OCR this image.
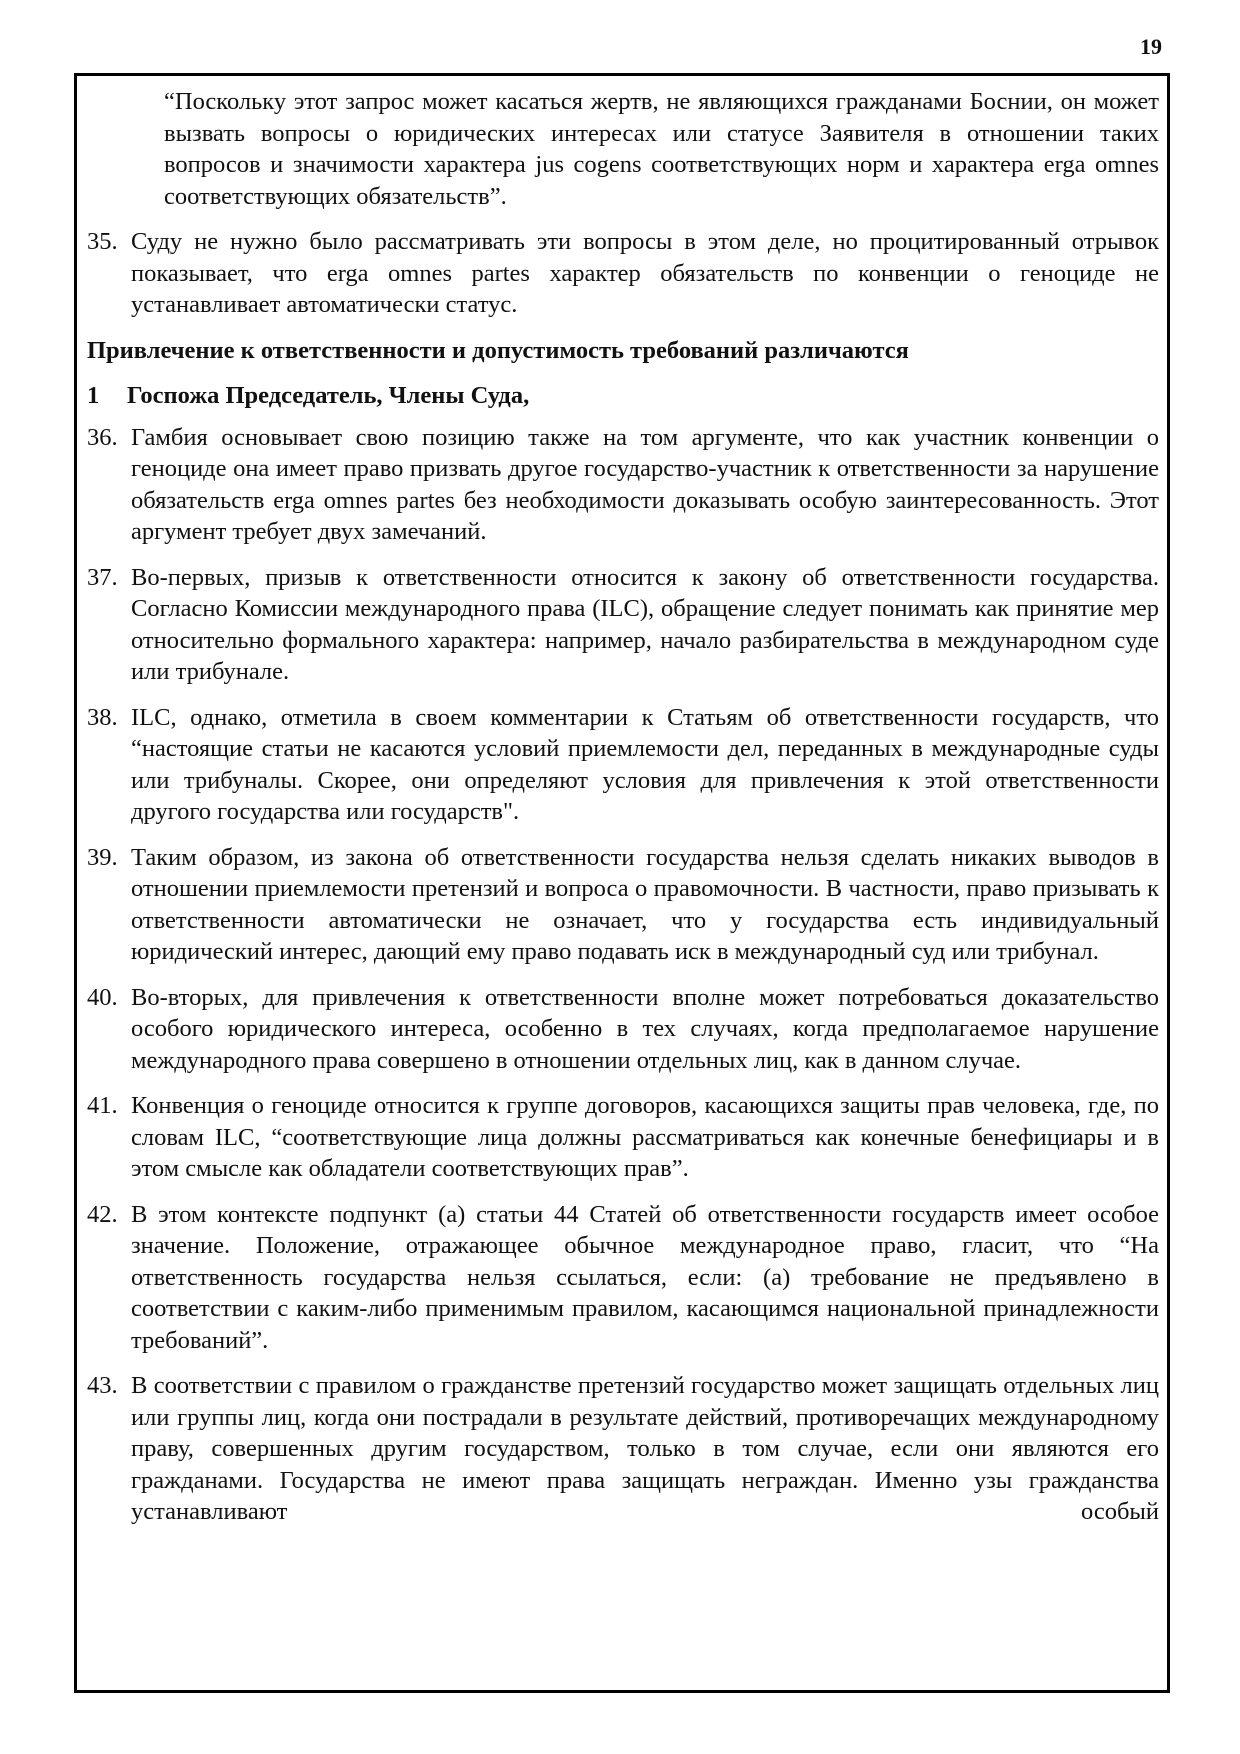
19
“Поскольку этот запрос может касаться жертв, не являющихся гражданами Боснии, он может вызвать вопросы о юридических интересах или статусе Заявителя в отношении таких вопросов и значимости характера jus cogens соответствующих норм и характера erga omnes соответствующих обязательств”.
35. Суду не нужно было рассматривать эти вопросы в этом деле, но процитированный отрывок показывает, что erga omnes partes характер обязательств по конвенции о геноциде не устанавливает автоматически статус.
Привлечение к ответственности и допустимость требований различаются
1	Госпожа Председатель, Члены Суда,
36. Гамбия основывает свою позицию также на том аргументе, что как участник конвенции о геноциде она имеет право призвать другое государство-участник к ответственности за нарушение обязательств erga omnes partes без необходимости доказывать особую заинтересованность. Этот аргумент требует двух замечаний.
37. Во-первых, призыв к ответственности относится к закону об ответственности государства. Согласно Комиссии международного права (ILC), обращение следует понимать как принятие мер относительно формального характера: например, начало разбирательства в международном суде или трибунале.
38. ILC, однако, отметила в своем комментарии к Статьям об ответственности государств, что “настоящие статьи не касаются условий приемлемости дел, переданных в международные суды или трибуналы. Скорее, они определяют условия для привлечения к этой ответственности другого государства или государств".
39. Таким образом, из закона об ответственности государства нельзя сделать никаких выводов в отношении приемлемости претензий и вопроса о правомочности. В частности, право призывать к ответственности автоматически не означает, что у государства есть индивидуальный юридический интерес, дающий ему право подавать иск в международный суд или трибунал.
40. Во-вторых, для привлечения к ответственности вполне может потребоваться доказательство особого юридического интереса, особенно в тех случаях, когда предполагаемое нарушение международного права совершено в отношении отдельных лиц, как в данном случае.
41. Конвенция о геноциде относится к группе договоров, касающихся защиты прав человека, где, по словам ILC, “соответствующие лица должны рассматриваться как конечные бенефициары и в этом смысле как обладатели соответствующих прав”.
42. В этом контексте подпункт (а) статьи 44 Статей об ответственности государств имеет особое значение. Положение, отражающее обычное международное право, гласит, что “На ответственность государства нельзя ссылаться, если: (а) требование не предъявлено в соответствии с каким-либо применимым правилом, касающимся национальной принадлежности требований”.
43. В соответствии с правилом о гражданстве претензий государство может защищать отдельных лиц или группы лиц, когда они пострадали в результате действий, противоречащих международному праву, совершенных другим государством, только в том случае, если они являются его гражданами. Государства не имеют права защищать неграждан. Именно узы гражданства устанавливают особый
